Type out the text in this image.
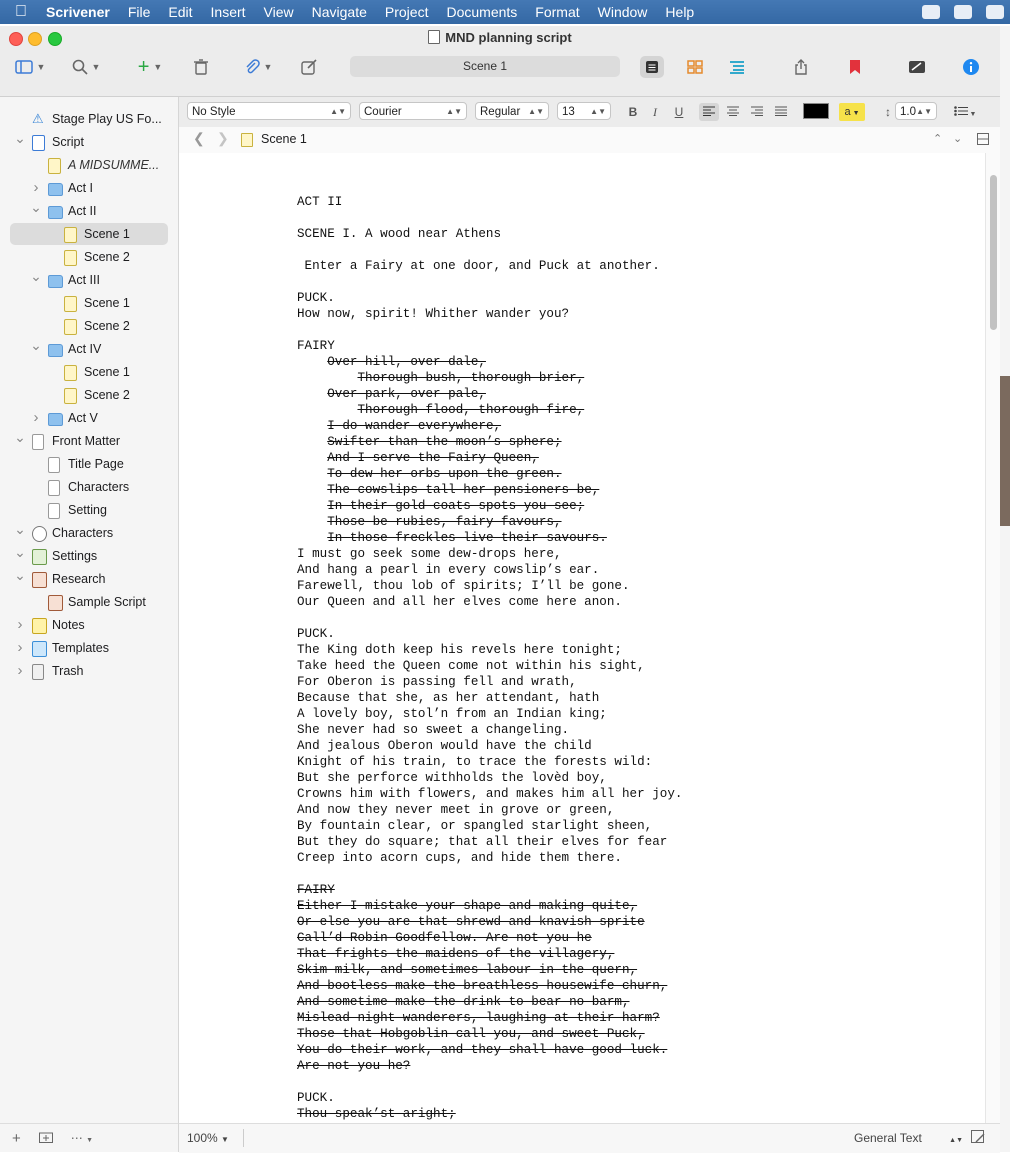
Scrivener	File	Edit	Insert	View	Navigate	Project	Documents	Format	Window	Help
MND planning script
▼	▼ + ▼	▼	Scene 1
⚠ Stage Play US Fo...
⌄ Script
A MIDSUMME...
› Act I
⌄ Act II
Scene 1
Scene 2
⌄ Act III
Scene 1
Scene 2
⌄ Act IV
Scene 1
Scene 2
› Act V
⌄ Front Matter
Title Page
Characters
Setting
⌄ Characters
⌄ Settings
⌄ Research
Sample Script
› Notes
› Templates
› Trash
No Style	▲▼	Courier	▲▼	Regular ▲▼	13 ▲▼	B	I	U	a ▼	↕ 1.0 ▲▼	▼
❮ ❯	Scene 1	⌃ ⌄
ACT II
SCENE I. A wood near Athens
Enter a Fairy at one door, and Puck at another.
PUCK.
How now, spirit! Whither wander you?
FAIRY
Over hill, over dale,
Thorough bush, thorough brier,
Over park, over pale,
Thorough flood, thorough fire,
I do wander everywhere,
Swifter than the moon’s sphere;
And I serve the Fairy Queen,
To dew her orbs upon the green.
The cowslips tall her pensioners be,
In their gold coats spots you see;
Those be rubies, fairy favours,
In those freckles live their savours.
I must go seek some dew-drops here,
And hang a pearl in every cowslip’s ear.
Farewell, thou lob of spirits; I’ll be gone.
Our Queen and all her elves come here anon.
PUCK.
The King doth keep his revels here tonight;
Take heed the Queen come not within his sight,
For Oberon is passing fell and wrath,
Because that she, as her attendant, hath
A lovely boy, stol’n from an Indian king;
She never had so sweet a changeling.
And jealous Oberon would have the child
Knight of his train, to trace the forests wild:
But she perforce withholds the lovèd boy,
Crowns him with flowers, and makes him all her joy.
And now they never meet in grove or green,
By fountain clear, or spangled starlight sheen,
But they do square; that all their elves for fear
Creep into acorn cups, and hide them there.
FAIRY
Either I mistake your shape and making quite,
Or else you are that shrewd and knavish sprite
Call’d Robin Goodfellow. Are not you he
That frights the maidens of the villagery,
Skim milk, and sometimes labour in the quern,
And bootless make the breathless housewife churn,
And sometime make the drink to bear no barm,
Mislead night-wanderers, laughing at their harm?
Those that Hobgoblin call you, and sweet Puck,
You do their work, and they shall have good luck.
Are not you he?
PUCK.
Thou speak’st aright;
100% ▼	General Text	▲▼
+	⋯ ▼
